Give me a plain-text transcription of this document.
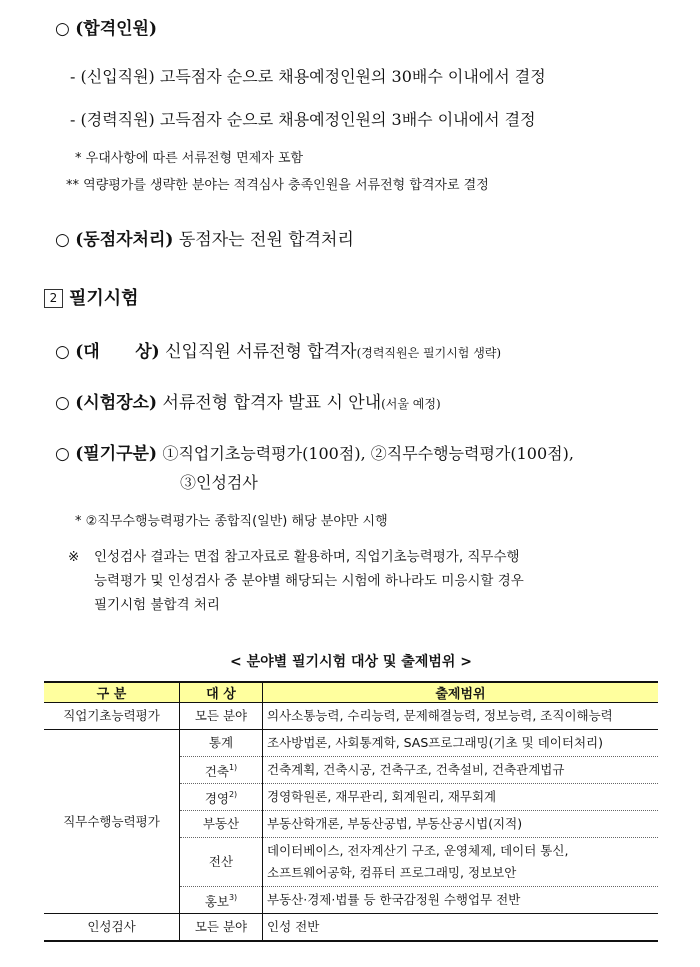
○ (합격인원)
- (신입직원) 고득점자 순으로 채용예정인원의 30배수 이내에서 결정
- (경력직원) 고득점자 순으로 채용예정인원의 3배수 이내에서 결정
* 우대사항에 따른 서류전형 면제자 포함
** 역량평가를 생략한 분야는 적격심사 충족인원을 서류전형 합격자로 결정
○ (동점자처리) 동점자는 전원 합격처리
2 필기시험
○ (대      상) 신입직원 서류전형 합격자(경력직원은 필기시험 생략)
○ (시험장소) 서류전형 합격자 발표 시 안내(서울 예정)
○ (필기구분) ①직업기초능력평가(100점), ②직무수행능력평가(100점),
③인성검사
* ②직무수행능력평가는 종합직(일반) 해당 분야만 시행
※ 인성검사 결과는 면접 참고자료로 활용하며, 직업기초능력평가, 직무수행
능력평가 및 인성검사 중 분야별 해당되는 시험에 하나라도 미응시할 경우
필기시험 불합격 처리
< 분야별 필기시험 대상 및 출제범위 >
구 분	대 상	출제범위
직업기초능력평가	모든 분야	의사소통능력, 수리능력, 문제해결능력, 정보능력, 조직이해능력
직무수행능력평가	통계	조사방법론, 사회통계학, SAS프로그래밍(기초 및 데이터처리)
	건축$^{1)}$	건축계획, 건축시공, 건축구조, 건축설비, 건축관계법규
	경영$^{2)}$	경영학원론, 재무관리, 회계원리, 재무회계
	부동산	부동산학개론, 부동산공법, 부동산공시법(지적)
	전산	데이터베이스, 전자계산기 구조, 운영체제, 데이터 통신,
소프트웨어공학, 컴퓨터 프로그래밍, 정보보안

	홍보$^{3)}$	부동산·경제·법률 등 한국감정원 수행업무 전반
인성검사	모든 분야	인성 전반
